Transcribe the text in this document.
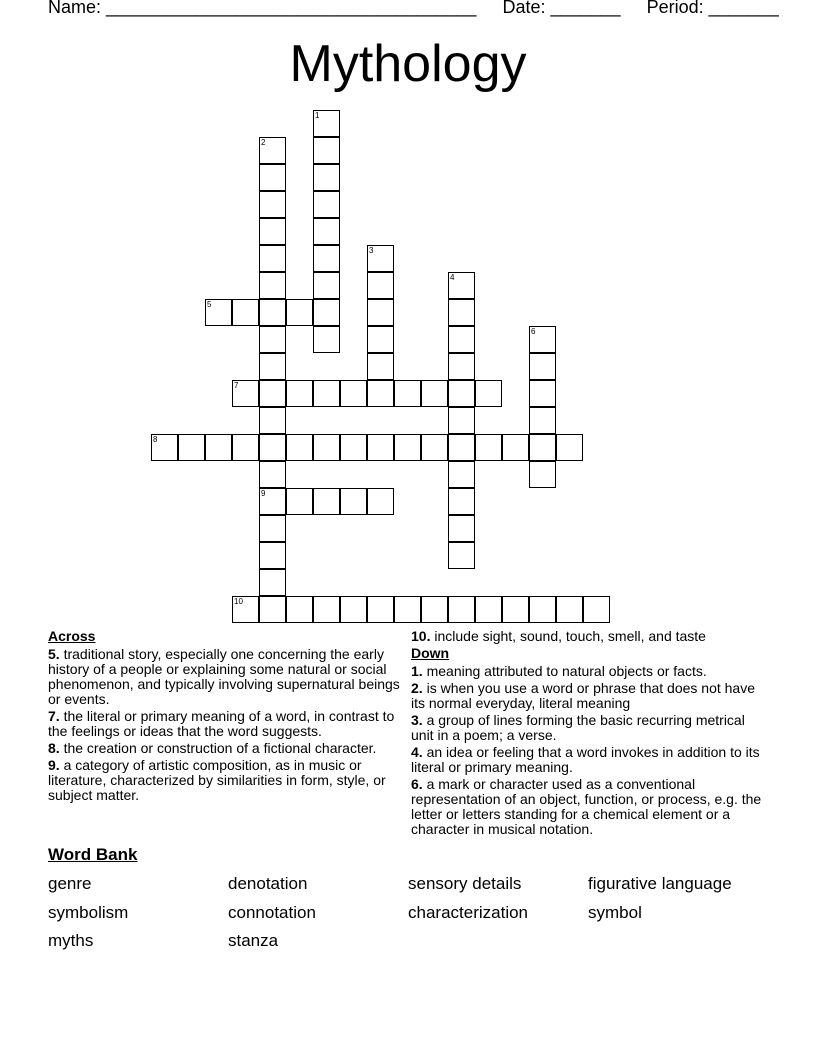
Name: _____________________________________ Date: _______ Period: _______
Mythology
1
2
9
3
4
5
6
7
8
10
Across
5. traditional story, especially one concerning the early history of a people or explaining some natural or social phenomenon, and typically involving supernatural beings or events.
7. the literal or primary meaning of a word, in contrast to the feelings or ideas that the word suggests.
8. the creation or construction of a fictional character.
9. a category of artistic composition, as in music or literature, characterized by similarities in form, style, or subject matter.
10. include sight, sound, touch, smell, and taste
Down
1. meaning attributed to natural objects or facts.
2. is when you use a word or phrase that does not have its normal everyday, literal meaning
3. a group of lines forming the basic recurring metrical unit in a poem; a verse.
4. an idea or feeling that a word invokes in addition to its literal or primary meaning.
6. a mark or character used as a conventional representation of an object, function, or process, e.g. the letter or letters standing for a chemical element or a character in musical notation.
Word Bank
genre	denotation	sensory details	figurative language
symbolism	connotation	characterization	symbol
myths	stanza
